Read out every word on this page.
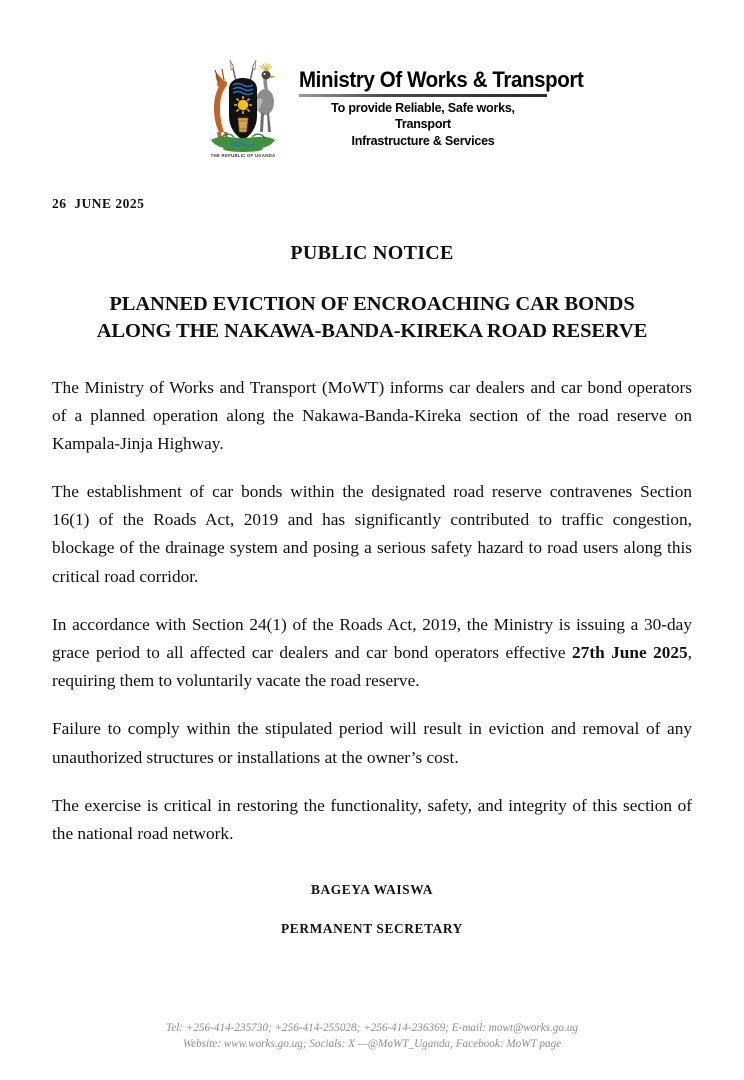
THE REPUBLIC OF UGANDA
Ministry Of Works & Transport
To provide Reliable, Safe works, Transport
Infrastructure & Services
26  JUNE 2025
PUBLIC NOTICE
PLANNED EVICTION OF ENCROACHING CAR BONDS
ALONG THE NAKAWA-BANDA-KIREKA ROAD RESERVE

The Ministry of Works and Transport (MoWT) informs car dealers and car bond operators of a planned operation along the Nakawa-Banda-Kireka section of the road reserve on Kampala-Jinja Highway.

The establishment of car bonds within the designated road reserve contravenes Section 16(1) of the Roads Act, 2019 and has significantly contributed to traffic congestion, blockage of the drainage system and posing a serious safety hazard to road users along this critical road corridor.

In accordance with Section 24(1) of the Roads Act, 2019, the Ministry is issuing a 30-day grace period to all affected car dealers and car bond operators effective 27th June 2025, requiring them to voluntarily vacate the road reserve.

Failure to comply within the stipulated period will result in eviction and removal of any unauthorized structures or installations at the owner’s cost.

The exercise is critical in restoring the functionality, safety, and integrity of this section of the national road network.

BAGEYA WAISWA
PERMANENT SECRETARY
Tel: +256-414-235730; +256-414-255028; +256-414-236369; E-mail: mowt@works.go.ug
Website: www.works.go.ug; Socials: X —@MoWT_Uganda, Facebook: MoWT page
